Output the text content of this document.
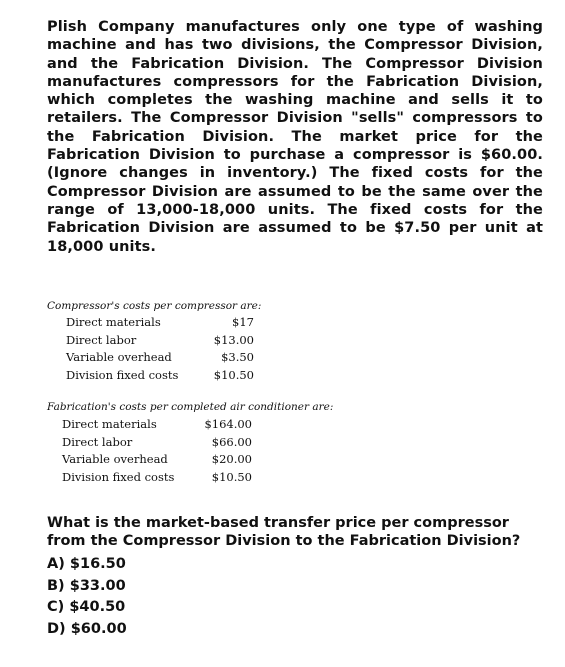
Plish Company manufactures only one type of washing machine and has two divisions, the Compressor Division, and the Fabrication Division. The Compressor Division manufactures compressors for the Fabrication Division, which completes the washing machine and sells it to retailers. The Compressor Division "sells" compressors to the Fabrication Division. The market price for the Fabrication Division to purchase a compressor is $60.00. (Ignore changes in inventory.) The fixed costs for the Compressor Division are assumed to be the same over the range of 13,000-18,000 units. The fixed costs for the Fabrication Division are assumed to be $7.50 per unit at 18,000 units.

Compressor's costs per compressor are:

Direct materials	$17
Direct labor	$13.00
Variable overhead	$3.50
Division fixed costs	$10.50

Fabrication's costs per completed air conditioner are:

Direct materials	$164.00
Direct labor	$66.00
Variable overhead	$20.00
Division fixed costs	$10.50

What is the market-based transfer price per compressor from the Compressor Division to the Fabrication Division?

A) $16.50
B) $33.00
C) $40.50
D) $60.00
